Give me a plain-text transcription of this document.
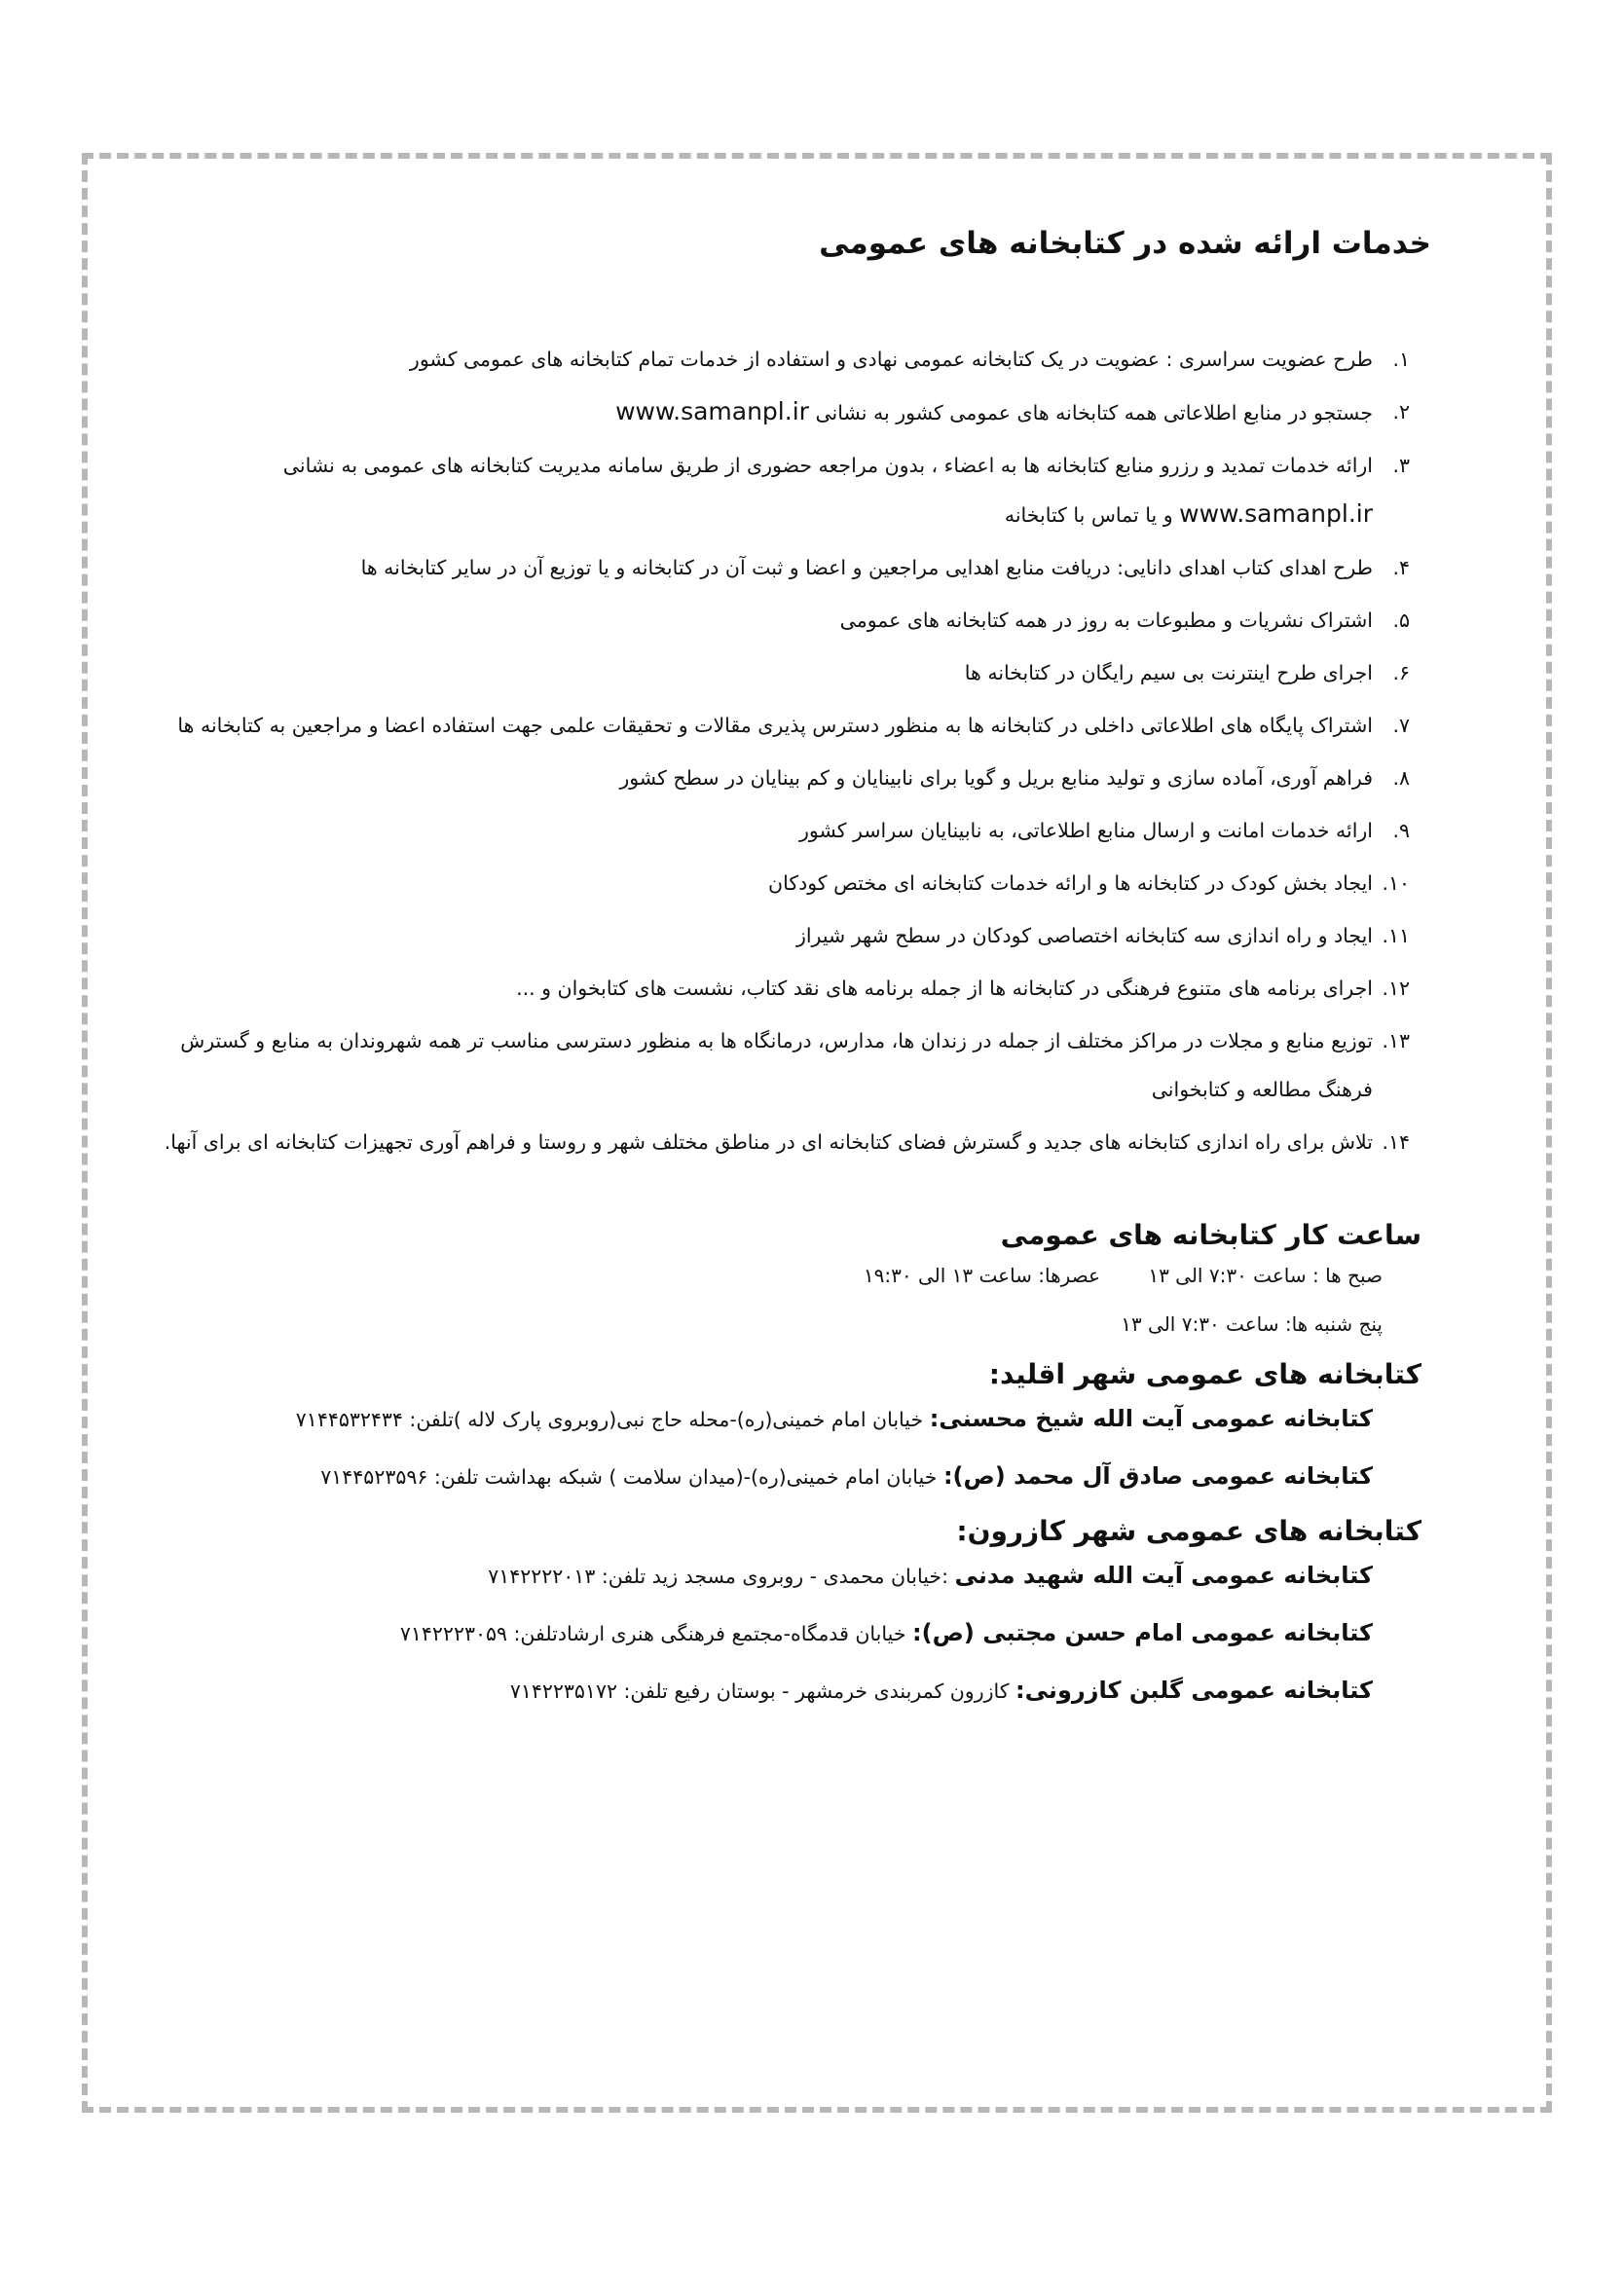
خدمات ارائه شده در کتابخانه های عمومی
۱.
طرح عضویت سراسری : عضویت در یک کتابخانه عمومی نهادی و استفاده از خدمات تمام کتابخانه های عمومی کشور
۲.
جستجو در منابع اطلاعاتی همه کتابخانه های عمومی کشور به نشانی www.samanpl.ir
۳.
ارائه خدمات تمدید و رزرو منابع کتابخانه ها به اعضاء ، بدون مراجعه حضوری از طریق سامانه مدیریت کتابخانه های عمومی به نشانی www.samanpl.ir و یا تماس با کتابخانه
۴.
طرح اهدای کتاب اهدای دانایی: دریافت منابع اهدایی مراجعین و اعضا و ثبت آن در کتابخانه و یا توزیع آن در سایر کتابخانه ها
۵.
اشتراک نشریات و مطبوعات به روز در همه کتابخانه های عمومی
۶.
اجرای طرح اینترنت بی سیم رایگان در کتابخانه ها
۷.
اشتراک پایگاه های اطلاعاتی داخلی در کتابخانه ها به منظور دسترس پذیری مقالات و تحقیقات علمی جهت استفاده اعضا و مراجعین به کتابخانه ها
۸.
فراهم آوری، آماده سازی و تولید منابع بریل و گویا برای نابینایان و کم بینایان در سطح کشور
۹.
ارائه خدمات امانت و ارسال منابع اطلاعاتی، به نابینایان سراسر کشور
۱۰.
ایجاد بخش کودک در کتابخانه ها و ارائه خدمات کتابخانه ای مختص کودکان
۱۱.
ایجاد و راه اندازی سه کتابخانه اختصاصی کودکان در سطح شهر شیراز
۱۲.
اجرای برنامه های متنوع فرهنگی در کتابخانه ها از جمله برنامه های نقد کتاب، نشست های کتابخوان و ...
۱۳.
توزیع منابع و مجلات در مراکز مختلف از جمله در زندان ها، مدارس، درمانگاه ها به منظور دسترسی مناسب تر همه شهروندان به منابع و گسترش فرهنگ مطالعه و کتابخوانی
۱۴.
تلاش برای راه اندازی کتابخانه های جدید و گسترش فضای کتابخانه ای در مناطق مختلف شهر و روستا و فراهم آوری تجهیزات کتابخانه ای برای آنها.
ساعت کار کتابخانه های عمومی
صبح ها : ساعت ۷:۳۰ الی ۱۳
عصرها: ساعت ۱۳ الی ۱۹:۳۰
پنج شنبه ها: ساعت ۷:۳۰ الی ۱۳
کتابخانه های عمومی شهر اقلید:
کتابخانه عمومی آیت الله شیخ محسنی: خیابان امام خمینی(ره)-محله حاج نبی(روبروی پارک لاله )تلفن: ۷۱۴۴۵۳۲۴۳۴
کتابخانه عمومی صادق آل محمد (ص): خیابان امام خمینی(ره)-(میدان سلامت ) شبکه بهداشت تلفن: ۷۱۴۴۵۲۳۵۹۶
کتابخانه های عمومی شهر کازرون:
کتابخانه عمومی آیت الله شهید مدنی :خیابان محمدی - روبروی مسجد زید تلفن: ۷۱۴۲۲۲۲۰۱۳
کتابخانه عمومی امام حسن مجتبی (ص): خیابان قدمگاه-مجتمع فرهنگی هنری ارشادتلفن: ۷۱۴۲۲۲۳۰۵۹
کتابخانه عمومی گلبن کازرونی: کازرون کمربندی خرمشهر - بوستان رفیع تلفن: ۷۱۴۲۲۳۵۱۷۲
